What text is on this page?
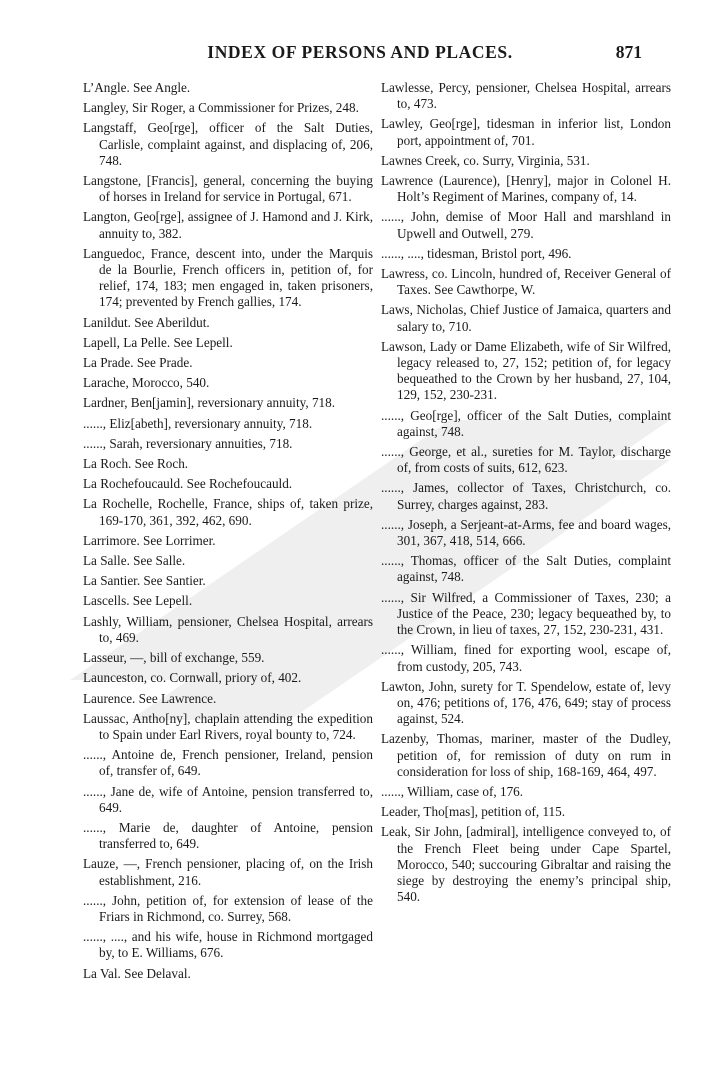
INDEX OF PERSONS AND PLACES.	871

L’Angle. See Angle.

Langley, Sir Roger, a Commissioner for Prizes, 248.

Langstaff, Geo[rge], officer of the Salt Duties, Carlisle, complaint against, and displacing of, 206, 748.

Langstone, [Francis], general, concerning the buying of horses in Ireland for service in Portugal, 671.

Langton, Geo[rge], assignee of J. Hamond and J. Kirk, annuity to, 382.

Languedoc, France, descent into, under the Marquis de la Bourlie, French officers in, petition of, for relief, 174, 183; men engaged in, taken prisoners, 174; prevented by French gallies, 174.

Lanildut. See Aberildut.

Lapell, La Pelle. See Lepell.

La Prade. See Prade.

Larache, Morocco, 540.

Lardner, Ben[jamin], reversionary annuity, 718.

......, Eliz[abeth], reversionary annuity, 718.

......, Sarah, reversionary annuities, 718.

La Roch. See Roch.

La Rochefoucauld. See Rochefoucauld.

La Rochelle, Rochelle, France, ships of, taken prize, 169-170, 361, 392, 462, 690.

Larrimore. See Lorrimer.

La Salle. See Salle.

La Santier. See Santier.

Lascells. See Lepell.

Lashly, William, pensioner, Chelsea Hospital, arrears to, 469.

Lasseur, —, bill of exchange, 559.

Launceston, co. Cornwall, priory of, 402.

Laurence. See Lawrence.

Laussac, Antho[ny], chaplain attending the expedition to Spain under Earl Rivers, royal bounty to, 724.

......, Antoine de, French pensioner, Ireland, pension of, transfer of, 649.

......, Jane de, wife of Antoine, pension transferred to, 649.

......, Marie de, daughter of Antoine, pension transferred to, 649.

Lauze, —, French pensioner, placing of, on the Irish establishment, 216.

......, John, petition of, for extension of lease of the Friars in Richmond, co. Surrey, 568.

......, ...., and his wife, house in Richmond mortgaged by, to E. Williams, 676.

La Val. See Delaval.

Lawlesse, Percy, pensioner, Chelsea Hospital, arrears to, 473.

Lawley, Geo[rge], tidesman in inferior list, London port, appointment of, 701.

Lawnes Creek, co. Surry, Virginia, 531.

Lawrence (Laurence), [Henry], major in Colonel H. Holt’s Regiment of Marines, company of, 14.

......, John, demise of Moor Hall and marshland in Upwell and Outwell, 279.

......, ...., tidesman, Bristol port, 496.

Lawress, co. Lincoln, hundred of, Receiver General of Taxes. See Cawthorpe, W.

Laws, Nicholas, Chief Justice of Jamaica, quarters and salary to, 710.

Lawson, Lady or Dame Elizabeth, wife of Sir Wilfred, legacy released to, 27, 152; petition of, for legacy bequeathed to the Crown by her husband, 27, 104, 129, 152, 230-231.

......, Geo[rge], officer of the Salt Duties, complaint against, 748.

......, George, et al., sureties for M. Taylor, discharge of, from costs of suits, 612, 623.

......, James, collector of Taxes, Christchurch, co. Surrey, charges against, 283.

......, Joseph, a Serjeant-at-Arms, fee and board wages, 301, 367, 418, 514, 666.

......, Thomas, officer of the Salt Duties, complaint against, 748.

......, Sir Wilfred, a Commissioner of Taxes, 230; a Justice of the Peace, 230; legacy bequeathed by, to the Crown, in lieu of taxes, 27, 152, 230-231, 431.

......, William, fined for exporting wool, escape of, from custody, 205, 743.

Lawton, John, surety for T. Spendelow, estate of, levy on, 476; petitions of, 176, 476, 649; stay of process against, 524.

Lazenby, Thomas, mariner, master of the Dudley, petition of, for remission of duty on rum in consideration for loss of ship, 168-169, 464, 497.

......, William, case of, 176.

Leader, Tho[mas], petition of, 115.

Leak, Sir John, [admiral], intelligence conveyed to, of the French Fleet being under Cape Spartel, Morocco, 540; succouring Gibraltar and raising the siege by destroying the enemy’s principal ship, 540.
